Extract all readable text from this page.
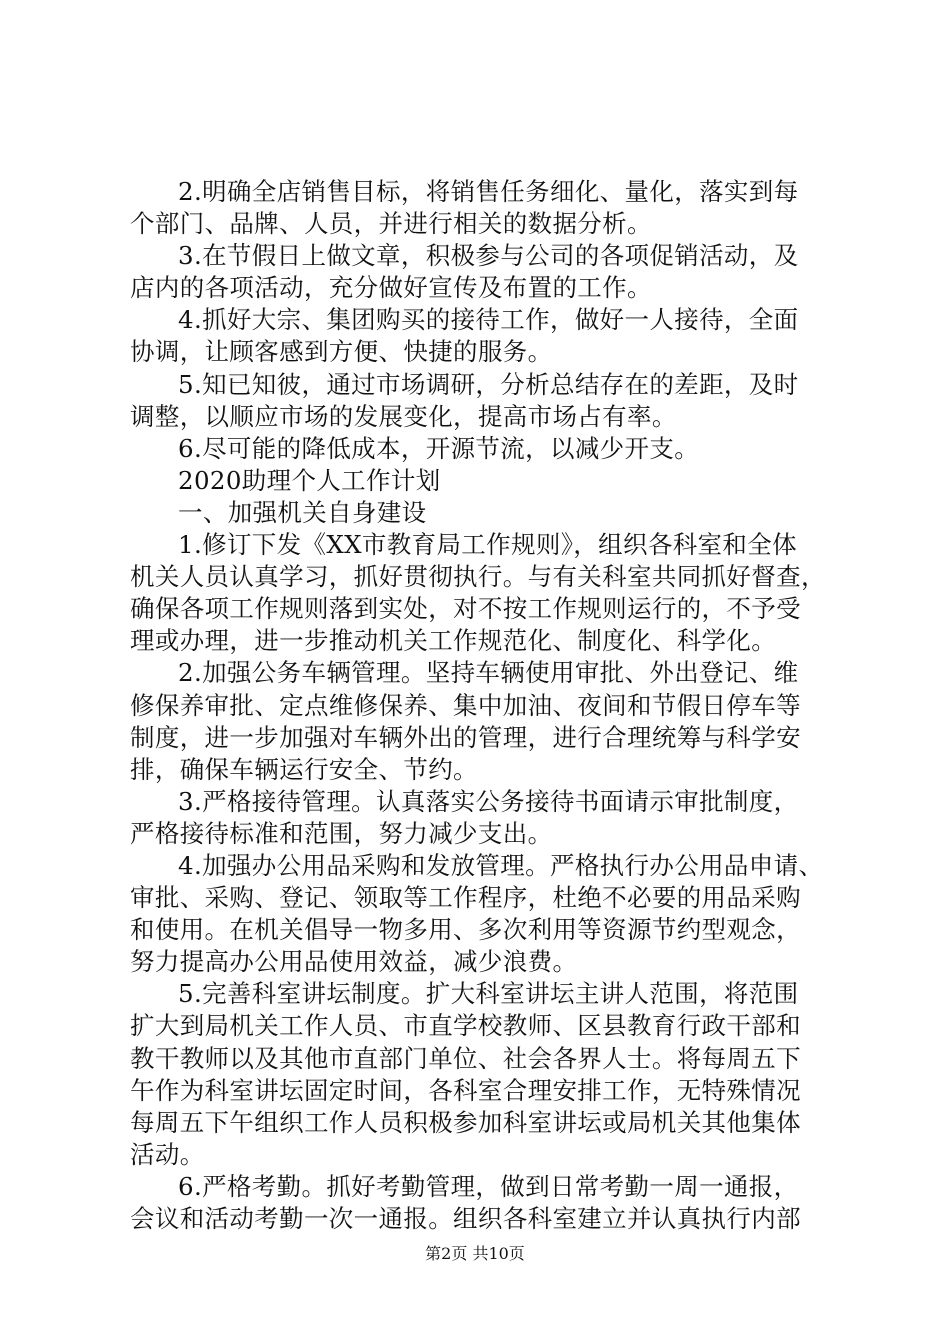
2.明确全店销售目标，将销售任务细化、量化，落实到每
个部门、品牌、人员，并进行相关的数据分析。
3.在节假日上做文章，积极参与公司的各项促销活动，及
店内的各项活动，充分做好宣传及布置的工作。
4.抓好大宗、集团购买的接待工作，做好一人接待，全面
协调，让顾客感到方便、快捷的服务。
5.知已知彼，通过市场调研，分析总结存在的差距，及时
调整，以顺应市场的发展变化，提高市场占有率。
6.尽可能的降低成本，开源节流，以减少开支。
2020助理个人工作计划
一、加强机关自身建设
1.修订下发《XX市教育局工作规则》，组织各科室和全体
机关人员认真学习，抓好贯彻执行。与有关科室共同抓好督查，
确保各项工作规则落到实处，对不按工作规则运行的，不予受
理或办理，进一步推动机关工作规范化、制度化、科学化。
2.加强公务车辆管理。坚持车辆使用审批、外出登记、维
修保养审批、定点维修保养、集中加油、夜间和节假日停车等
制度，进一步加强对车辆外出的管理，进行合理统筹与科学安
排，确保车辆运行安全、节约。
3.严格接待管理。认真落实公务接待书面请示审批制度，
严格接待标准和范围，努力减少支出。
4.加强办公用品采购和发放管理。严格执行办公用品申请、
审批、采购、登记、领取等工作程序，杜绝不必要的用品采购
和使用。在机关倡导一物多用、多次利用等资源节约型观念，
努力提高办公用品使用效益，减少浪费。
5.完善科室讲坛制度。扩大科室讲坛主讲人范围，将范围
扩大到局机关工作人员、市直学校教师、区县教育行政干部和
教干教师以及其他市直部门单位、社会各界人士。将每周五下
午作为科室讲坛固定时间，各科室合理安排工作，无特殊情况
每周五下午组织工作人员积极参加科室讲坛或局机关其他集体
活动。
6.严格考勤。抓好考勤管理，做到日常考勤一周一通报，
会议和活动考勤一次一通报。组织各科室建立并认真执行内部
第2页 共10页
